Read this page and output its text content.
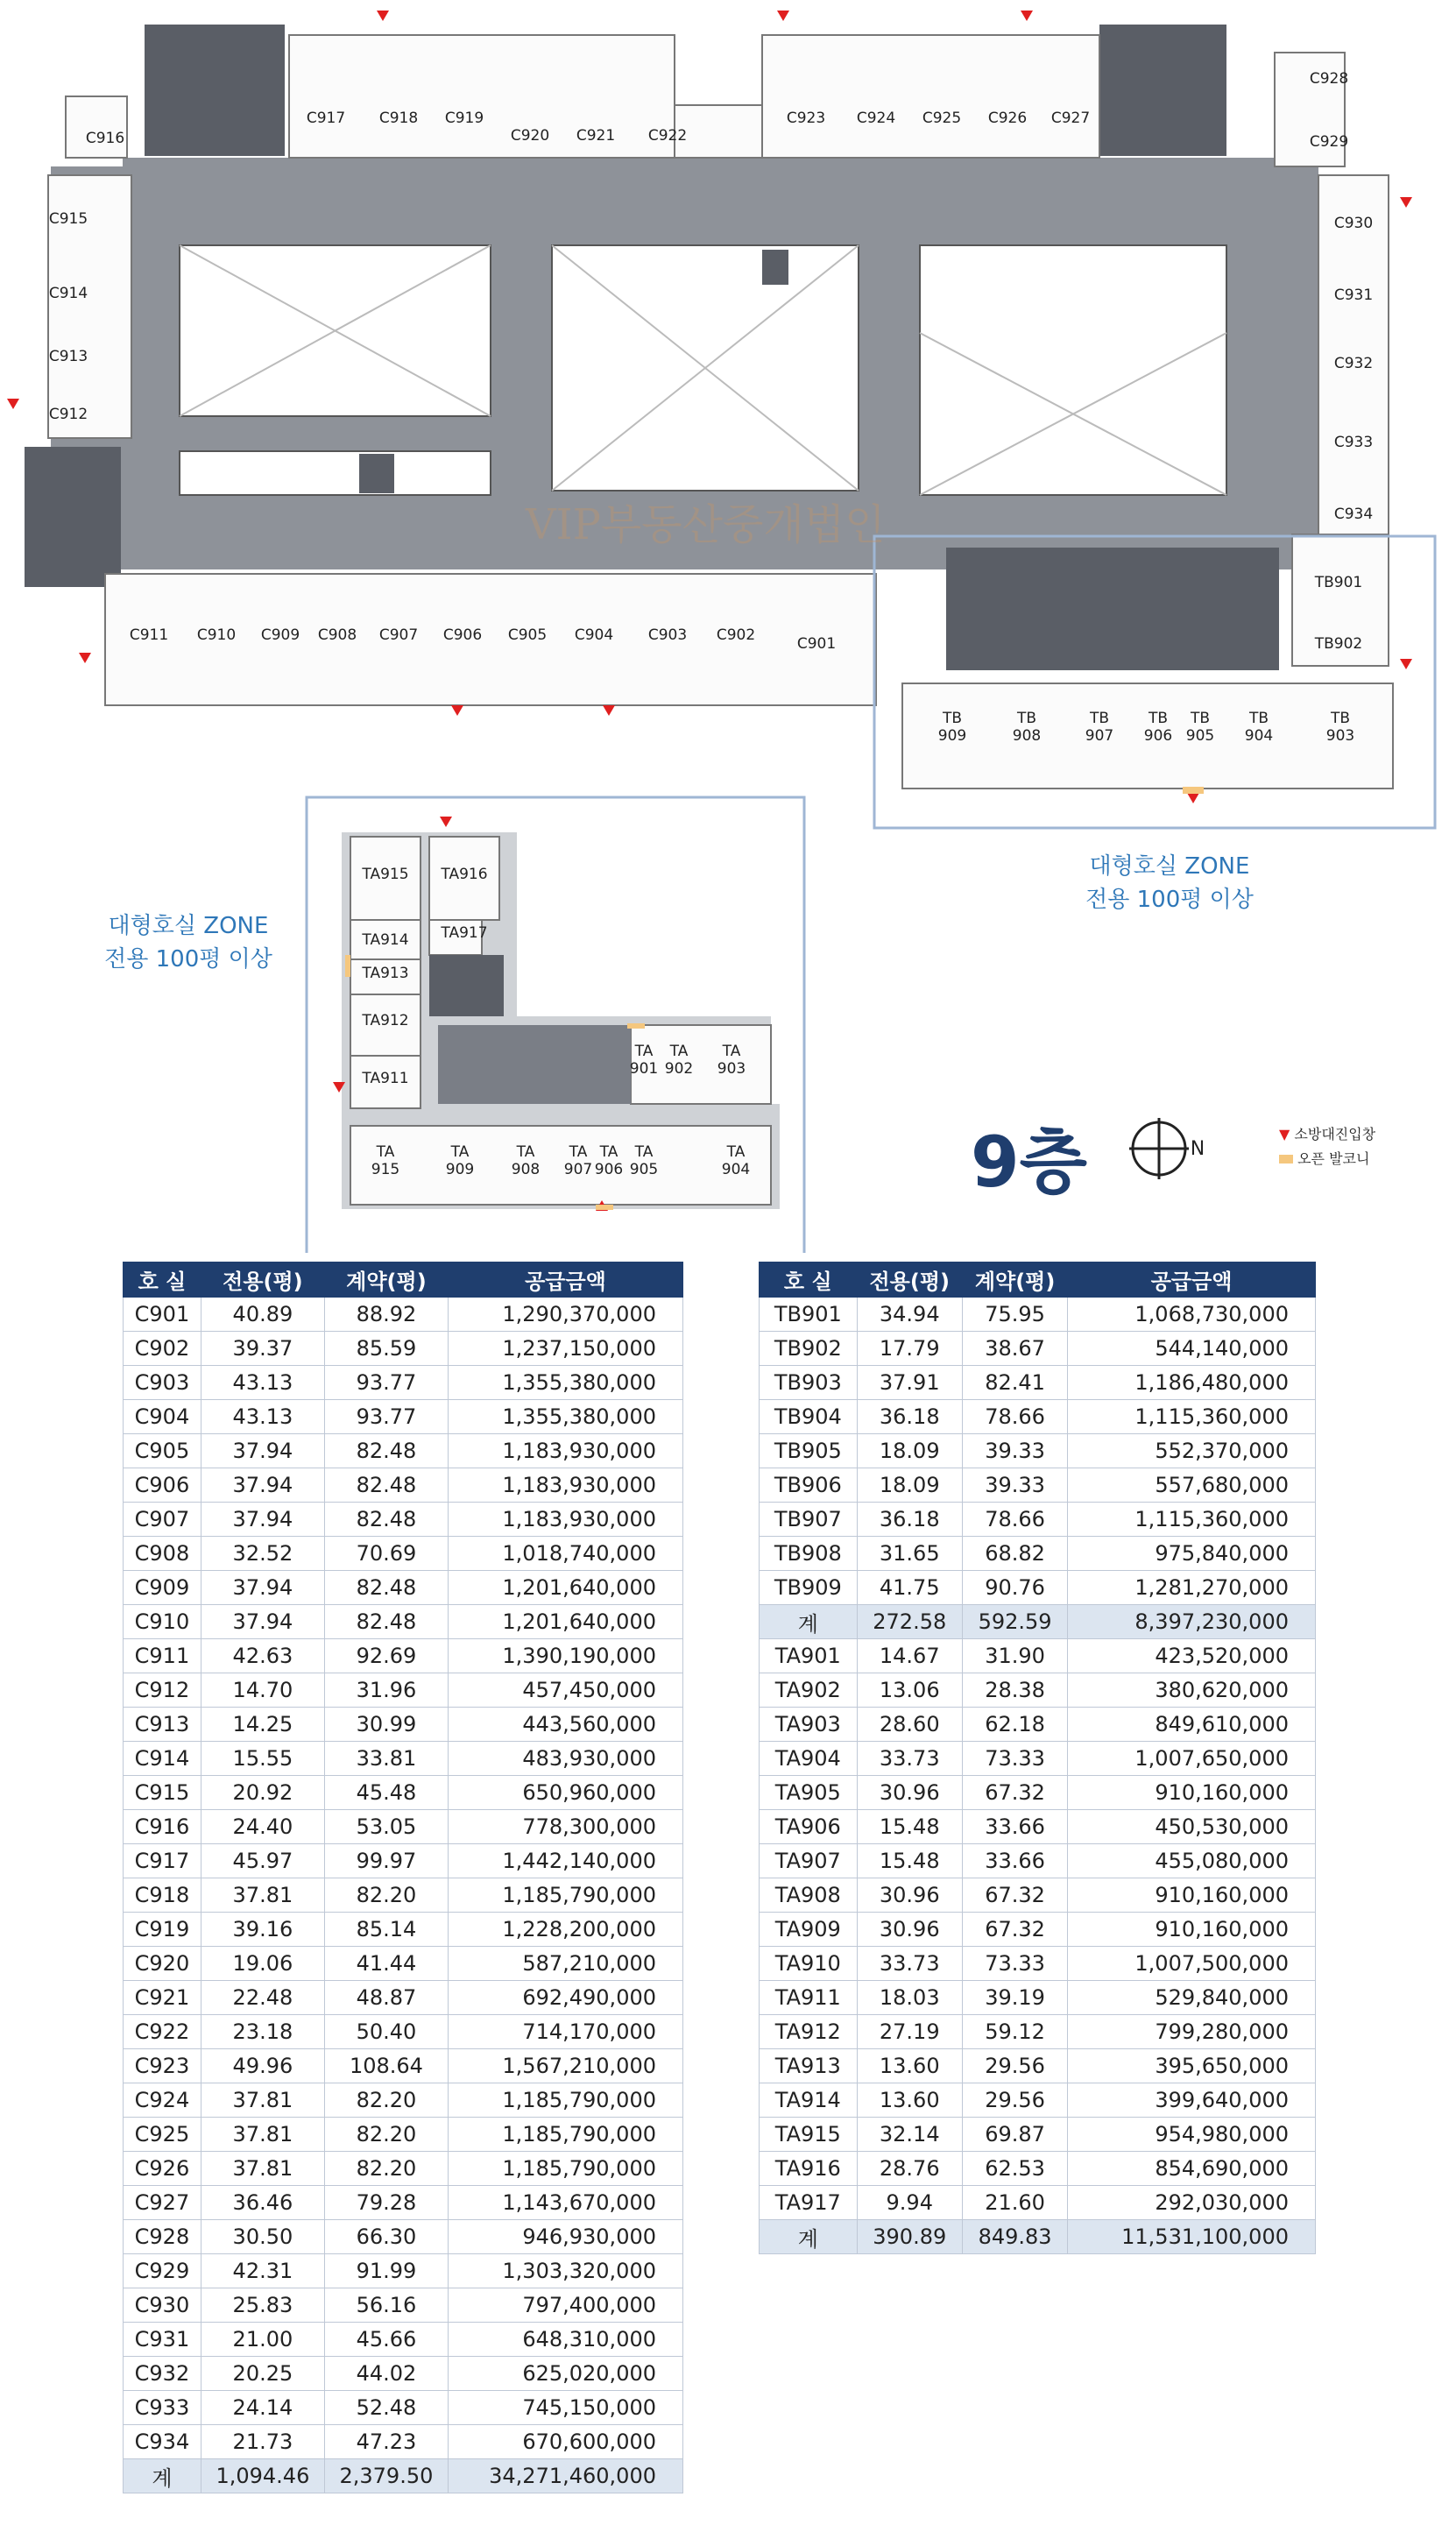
C917 C918 C919
C920 C921 C922
C923 C924 C925 C926 C927
C911 C910 C909 C908 C907 C906 C905 C904 C903 C902	C901
C916
C915
C914
C913
C912
C928
C929
C930
C931
C932
C933
C934
TB901
TB902
TB
909
TB
908
TB
907
TB
906
TB
905
TB
904
TB
903
대형호실 ZONE
전용 100평 이상
대형호실 ZONE
전용 100평 이상
TA915
TA914
TA913
TA912
TA911
TA916
TA917
TA
901
TA
902
TA
903
TA
915
TA
909
TA
908
TA
907
TA
906
TA
905
TA
904	9층	N
▼ 소방대진입창
오픈 발코니
호 실	전용(평)	계약(평)	공급금액
C901	40.89	88.92	1,290,370,000
C902	39.37	85.59	1,237,150,000
C903	43.13	93.77	1,355,380,000
C904	43.13	93.77	1,355,380,000
C905	37.94	82.48	1,183,930,000
C906	37.94	82.48	1,183,930,000
C907	37.94	82.48	1,183,930,000
C908	32.52	70.69	1,018,740,000
C909	37.94	82.48	1,201,640,000
C910	37.94	82.48	1,201,640,000
C911	42.63	92.69	1,390,190,000
C912	14.70	31.96	457,450,000
C913	14.25	30.99	443,560,000
C914	15.55	33.81	483,930,000
C915	20.92	45.48	650,960,000
C916	24.40	53.05	778,300,000
C917	45.97	99.97	1,442,140,000
C918	37.81	82.20	1,185,790,000
C919	39.16	85.14	1,228,200,000
C920	19.06	41.44	587,210,000
C921	22.48	48.87	692,490,000
C922	23.18	50.40	714,170,000
C923	49.96	108.64	1,567,210,000
C924	37.81	82.20	1,185,790,000
C925	37.81	82.20	1,185,790,000
C926	37.81	82.20	1,185,790,000
C927	36.46	79.28	1,143,670,000
C928	30.50	66.30	946,930,000
C929	42.31	91.99	1,303,320,000
C930	25.83	56.16	797,400,000
C931	21.00	45.66	648,310,000
C932	20.25	44.02	625,020,000
C933	24.14	52.48	745,150,000
C934	21.73	47.23	670,600,000
계	1,094.46	2,379.50	34,271,460,000
호 실	전용(평)	계약(평)	공급금액
TB901	34.94	75.95	1,068,730,000
TB902	17.79	38.67	544,140,000
TB903	37.91	82.41	1,186,480,000
TB904	36.18	78.66	1,115,360,000
TB905	18.09	39.33	552,370,000
TB906	18.09	39.33	557,680,000
TB907	36.18	78.66	1,115,360,000
TB908	31.65	68.82	975,840,000
TB909	41.75	90.76	1,281,270,000
계	272.58	592.59	8,397,230,000
TA901	14.67	31.90	423,520,000
TA902	13.06	28.38	380,620,000
TA903	28.60	62.18	849,610,000
TA904	33.73	73.33	1,007,650,000
TA905	30.96	67.32	910,160,000
TA906	15.48	33.66	450,530,000
TA907	15.48	33.66	455,080,000
TA908	30.96	67.32	910,160,000
TA909	30.96	67.32	910,160,000
TA910	33.73	73.33	1,007,500,000
TA911	18.03	39.19	529,840,000
TA912	27.19	59.12	799,280,000
TA913	13.60	29.56	395,650,000
TA914	13.60	29.56	399,640,000
TA915	32.14	69.87	954,980,000
TA916	28.76	62.53	854,690,000
TA917	9.94	21.60	292,030,000
계	390.89	849.83	11,531,100,000
VIP부동산중개법인
